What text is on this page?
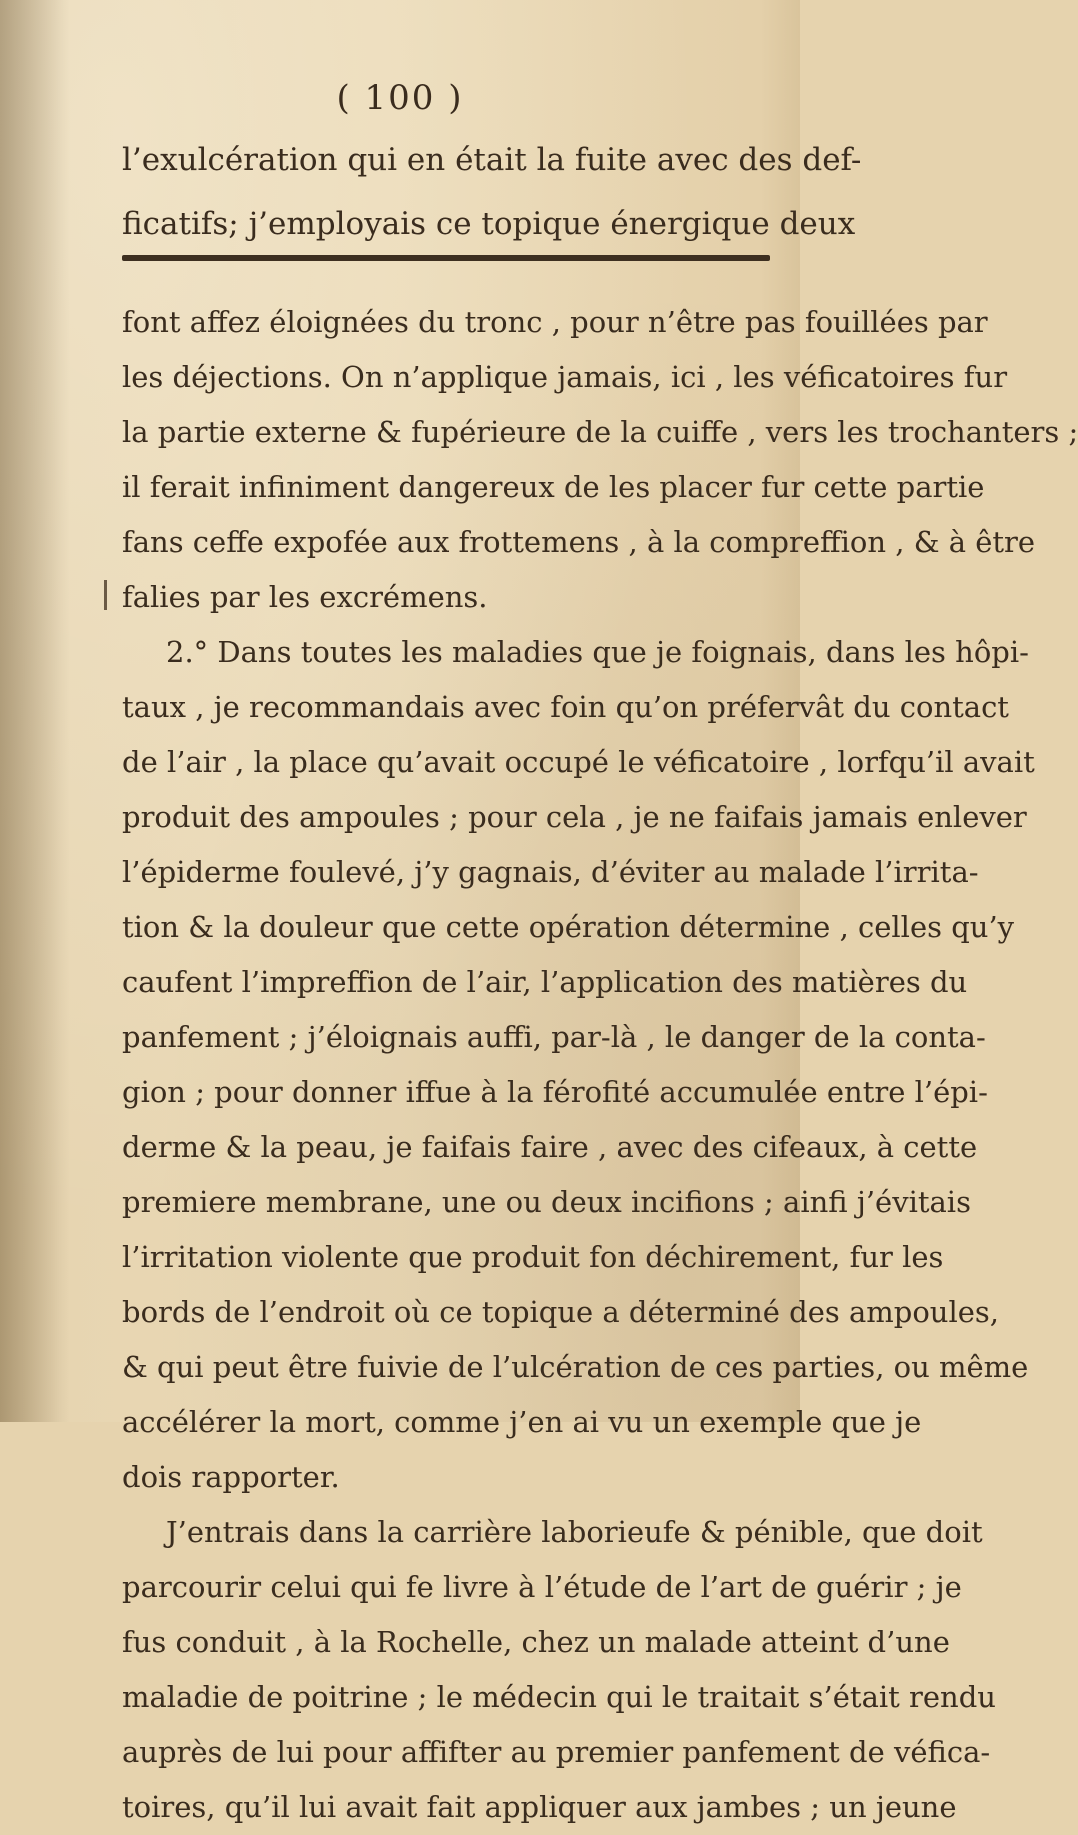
( 100 )
l’exulcération qui en était la fuite avec des def-
ficatifs; j’employais ce topique énergique deux
font affez éloignées du tronc , pour n’être pas fouillées par
les déjections. On n’applique jamais, ici , les véficatoires fur
la partie externe & fupérieure de la cuiffe , vers les trochanters ;
il ferait infiniment dangereux de les placer fur cette partie
fans ceffe expofée aux frottemens , à la compreffion , & à être
falies par les excrémens.
2.° Dans toutes les maladies que je foignais, dans les hôpi-
taux , je recommandais avec foin qu’on préfervât du contact
de l’air , la place qu’avait occupé le véficatoire , lorfqu’il avait
produit des ampoules ; pour cela , je ne faifais jamais enlever
l’épiderme foulevé, j’y gagnais, d’éviter au malade l’irrita-
tion & la douleur que cette opération détermine , celles qu’y
caufent l’impreffion de l’air, l’application des matières du
panfement ; j’éloignais auffi, par-là , le danger de la conta-
gion ; pour donner iffue à la férofité accumulée entre l’épi-
derme & la peau, je faifais faire , avec des cifeaux, à cette
premiere membrane, une ou deux incifions ; ainfi j’évitais
l’irritation violente que produit fon déchirement, fur les
bords de l’endroit où ce topique a déterminé des ampoules,
& qui peut être fuivie de l’ulcération de ces parties, ou même
accélérer la mort, comme j’en ai vu un exemple que je
dois rapporter.
J’entrais dans la carrière laborieufe & pénible, que doit
parcourir celui qui fe livre à l’étude de l’art de guérir ; je
fus conduit , à la Rochelle, chez un malade atteint d’une
maladie de poitrine ; le médecin qui le traitait s’était rendu
auprès de lui pour affifter au premier panfement de véfica-
toires, qu’il lui avait fait appliquer aux jambes ; un jeune
